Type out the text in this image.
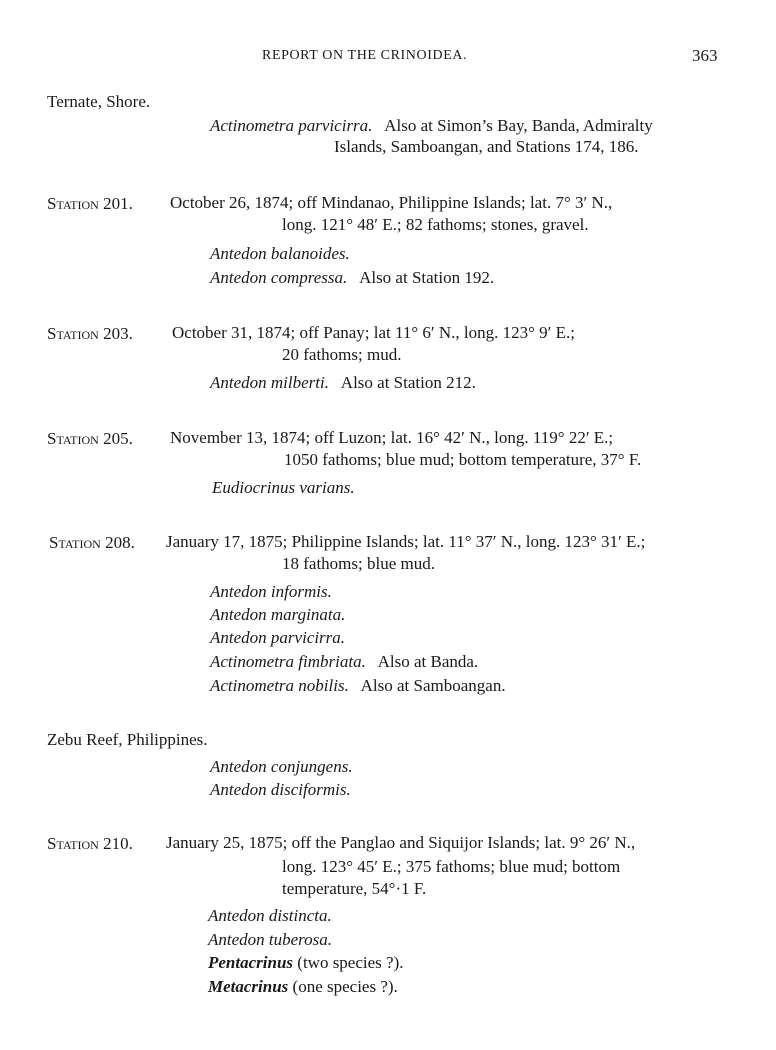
REPORT ON THE CRINOIDEA.	363
Ternate, Shore.
Actinometra parvicirra. Also at Simon’s Bay, Banda, Admiralty
Islands, Samboangan, and Stations 174, 186.
Station 201. October 26, 1874; off Mindanao, Philippine Islands; lat. 7° 3′ N.,
long. 121° 48′ E.; 82 fathoms; stones, gravel.
Antedon balanoides.
Antedon compressa. Also at Station 192.
Station 203. October 31, 1874; off Panay; lat 11° 6′ N., long. 123° 9′ E.;
20 fathoms; mud.
Antedon milberti. Also at Station 212.
Station 205. November 13, 1874; off Luzon; lat. 16° 42′ N., long. 119° 22′ E.;
1050 fathoms; blue mud; bottom temperature, 37° F.
Eudiocrinus varians.
Station 208. January 17, 1875; Philippine Islands; lat. 11° 37′ N., long. 123° 31′ E.;
18 fathoms; blue mud.
Antedon informis.
Antedon marginata.
Antedon parvicirra.
Actinometra fimbriata. Also at Banda.
Actinometra nobilis. Also at Samboangan.
Zebu Reef, Philippines.
Antedon conjungens.
Antedon disciformis.
Station 210. January 25, 1875; off the Panglao and Siquijor Islands; lat. 9° 26′ N.,
long. 123° 45′ E.; 375 fathoms; blue mud; bottom
temperature, 54°·1 F.
Antedon distincta.
Antedon tuberosa.
Pentacrinus (two species ?).
Metacrinus (one species ?).
